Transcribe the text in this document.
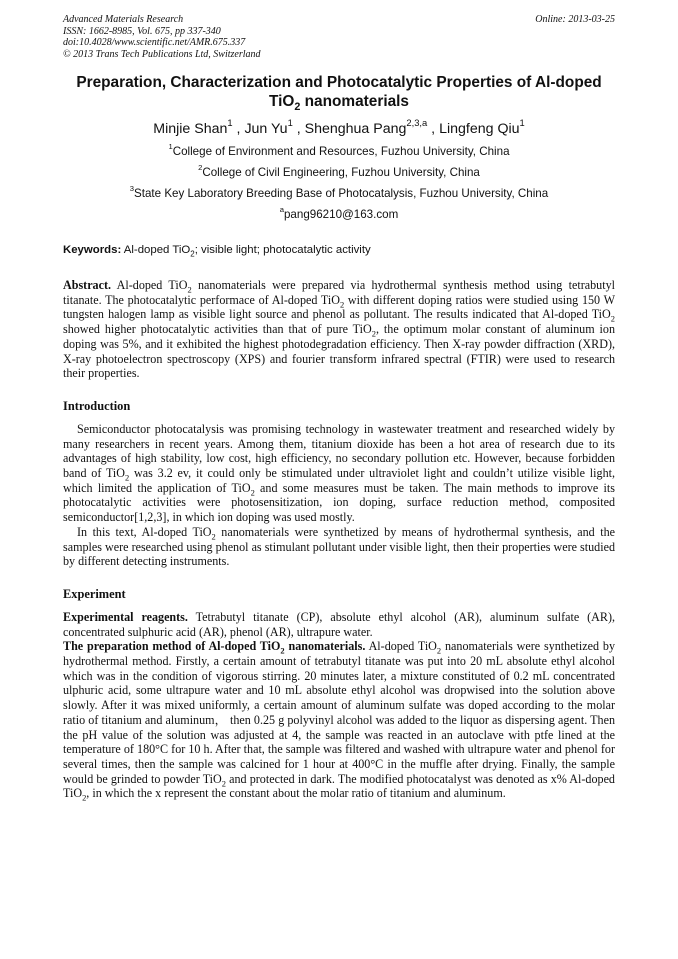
Advanced Materials Research
ISSN: 1662-8985, Vol. 675, pp 337-340
doi:10.4028/www.scientific.net/AMR.675.337
© 2013 Trans Tech Publications Ltd, Switzerland
Online: 2013-03-25
Preparation, Characterization and Photocatalytic Properties of Al-doped
TiO$_2$ nanomaterials
Minjie Shan$^1$ , Jun Yu$^1$ , Shenghua Pang$^{2,3,a}$ , Lingfeng Qiu$^1$
$^1$College of Environment and Resources, Fuzhou University, China
$^2$College of Civil Engineering, Fuzhou University, China
$^3$State Key Laboratory Breeding Base of Photocatalysis, Fuzhou University, China
$^a$pang96210@163.com
Keywords: Al-doped TiO$_2$; visible light; photocatalytic activity

Abstract. Al-doped TiO$_2$ nanomaterials were prepared via hydrothermal synthesis method using tetrabutyl titanate. The photocatalytic performace of Al-doped TiO$_2$ with different doping ratios were studied using 150 W tungsten halogen lamp as visible light source and phenol as pollutant. The results indicated that Al-doped TiO$_2$ showed higher photocatalytic activities than that of pure TiO$_2$, the optimum molar constant of aluminum ion doping was 5%, and it exhibited the highest photodegradation efficiency. Then X-ray powder diffraction (XRD), X-ray photoelectron spectroscopy (XPS) and fourier transform infrared spectral (FTIR) were used to research their properties.

Introduction

Semiconductor photocatalysis was promising technology in wastewater treatment and researched widely by many researchers in recent years. Among them, titanium dioxide has been a hot area of research due to its advantages of high stability, low cost, high efficiency, no secondary pollution etc. However, because forbidden band of TiO$_2$ was 3.2 ev, it could only be stimulated under ultraviolet light and couldn’t utilize visible light, which limited the application of TiO$_2$ and some measures must be taken. The main methods to improve its photocatalytic activities were photosensitization, ion doping, surface reduction method, composited semiconductor[1,2,3], in which ion doping was used mostly.

In this text, Al-doped TiO$_2$ nanomaterials were synthetized by means of hydrothermal synthesis, and the samples were researched using phenol as stimulant pollutant under visible light, then their properties were studied by different detecting instruments.

Experiment

Experimental reagents. Tetrabutyl titanate (CP), absolute ethyl alcohol (AR), aluminum sulfate (AR), concentrated sulphuric acid (AR), phenol (AR), ultrapure water.

The preparation method of Al-doped TiO$_2$ nanomaterials. Al-doped TiO$_2$ nanomaterials were synthetized by hydrothermal method. Firstly, a certain amount of tetrabutyl titanate was put into 20 mL absolute ethyl alcohol which was in the condition of vigorous stirring. 20 minutes later, a mixture constituted of 0.2 mL concentrated ulphuric acid, some ultrapure water and 10 mL absolute ethyl alcohol was dropwised into the solution above slowly. After it was mixed uniformly, a certain amount of aluminum sulfate was doped according to the molar ratio of titanium and aluminum， then 0.25 g polyvinyl alcohol was added to the liquor as dispersing agent. Then the pH value of the solution was adjusted at 4, the sample was reacted in an autoclave with ptfe lined at the temperature of 180°C for 10 h. After that, the sample was filtered and washed with ultrapure water and phenol for several times, then the sample was calcined for 1 hour at 400°C in the muffle after drying. Finally, the sample would be grinded to powder TiO$_2$ and protected in dark. The modified photocatalyst was denoted as x% Al-doped TiO$_2$, in which the x represent the constant about the molar ratio of titanium and aluminum.
